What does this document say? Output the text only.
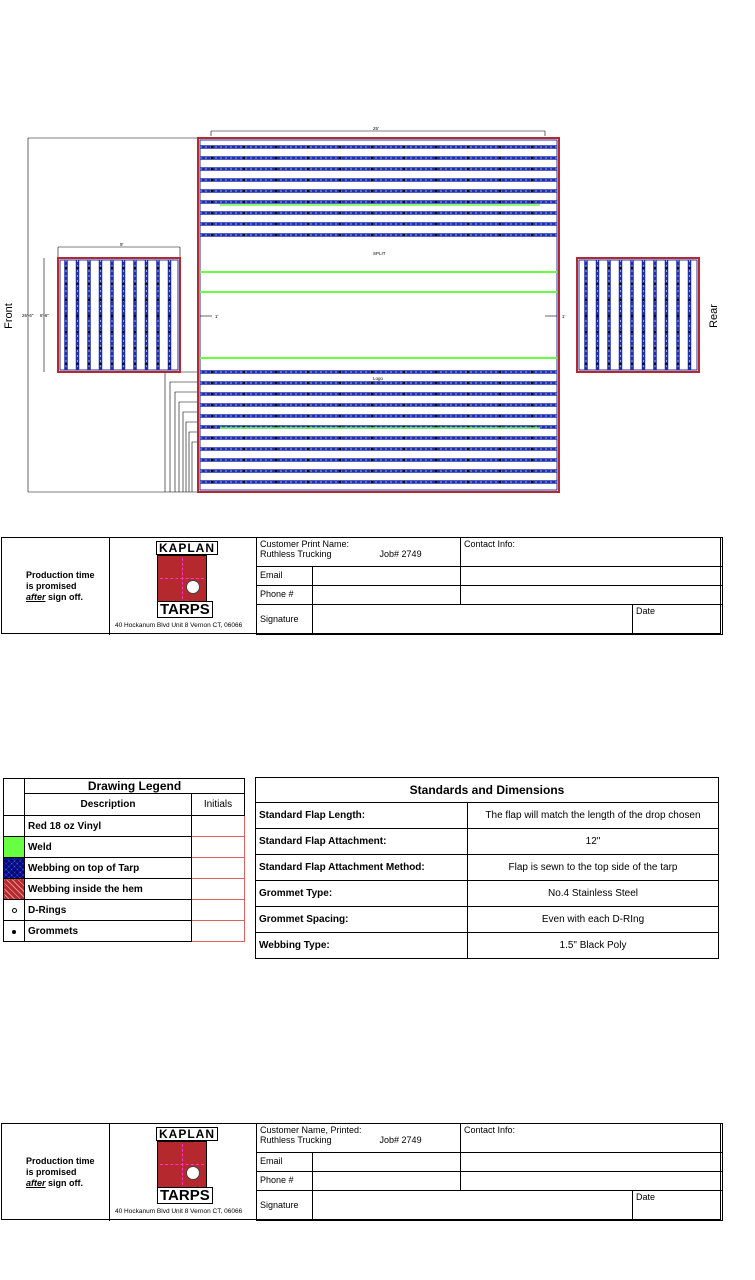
25'
9'
26'-6" 8'-6"	1'	1'
SPLIT
Logo
Front	Rear
Production time
is promised
after sign off.
KAPLAN
TARPS
40 Hockanum Blvd Unit 8 Vernon CT, 06066
Customer Print Name:
Ruthless Trucking	Job# 2749
Contact Info:
Email
Phone #
Signature
Date
	Drawing Legend	
	Description	Initials
	Red 18 oz Vinyl	
	Weld	
	Webbing on top of Tarp	
	Webbing inside the hem	
	D-Rings	
	Grommets	
Standards and Dimensions	
Standard Flap Length:	The flap will match the length of the drop chosen
Standard Flap Attachment:	12"
Standard Flap Attachment Method:	Flap is sewn to the top side of the tarp
Grommet Type:	No.4 Stainless Steel
Grommet Spacing:	Even with each D-RIng
Webbing Type:	1.5" Black Poly
Production time
is promised
after sign off.
KAPLAN
TARPS
40 Hockanum Blvd Unit 8 Vernon CT, 06066
Customer Name, Printed:
Ruthless Trucking	Job# 2749
Contact Info:
Email
Phone #
Signature
Date
